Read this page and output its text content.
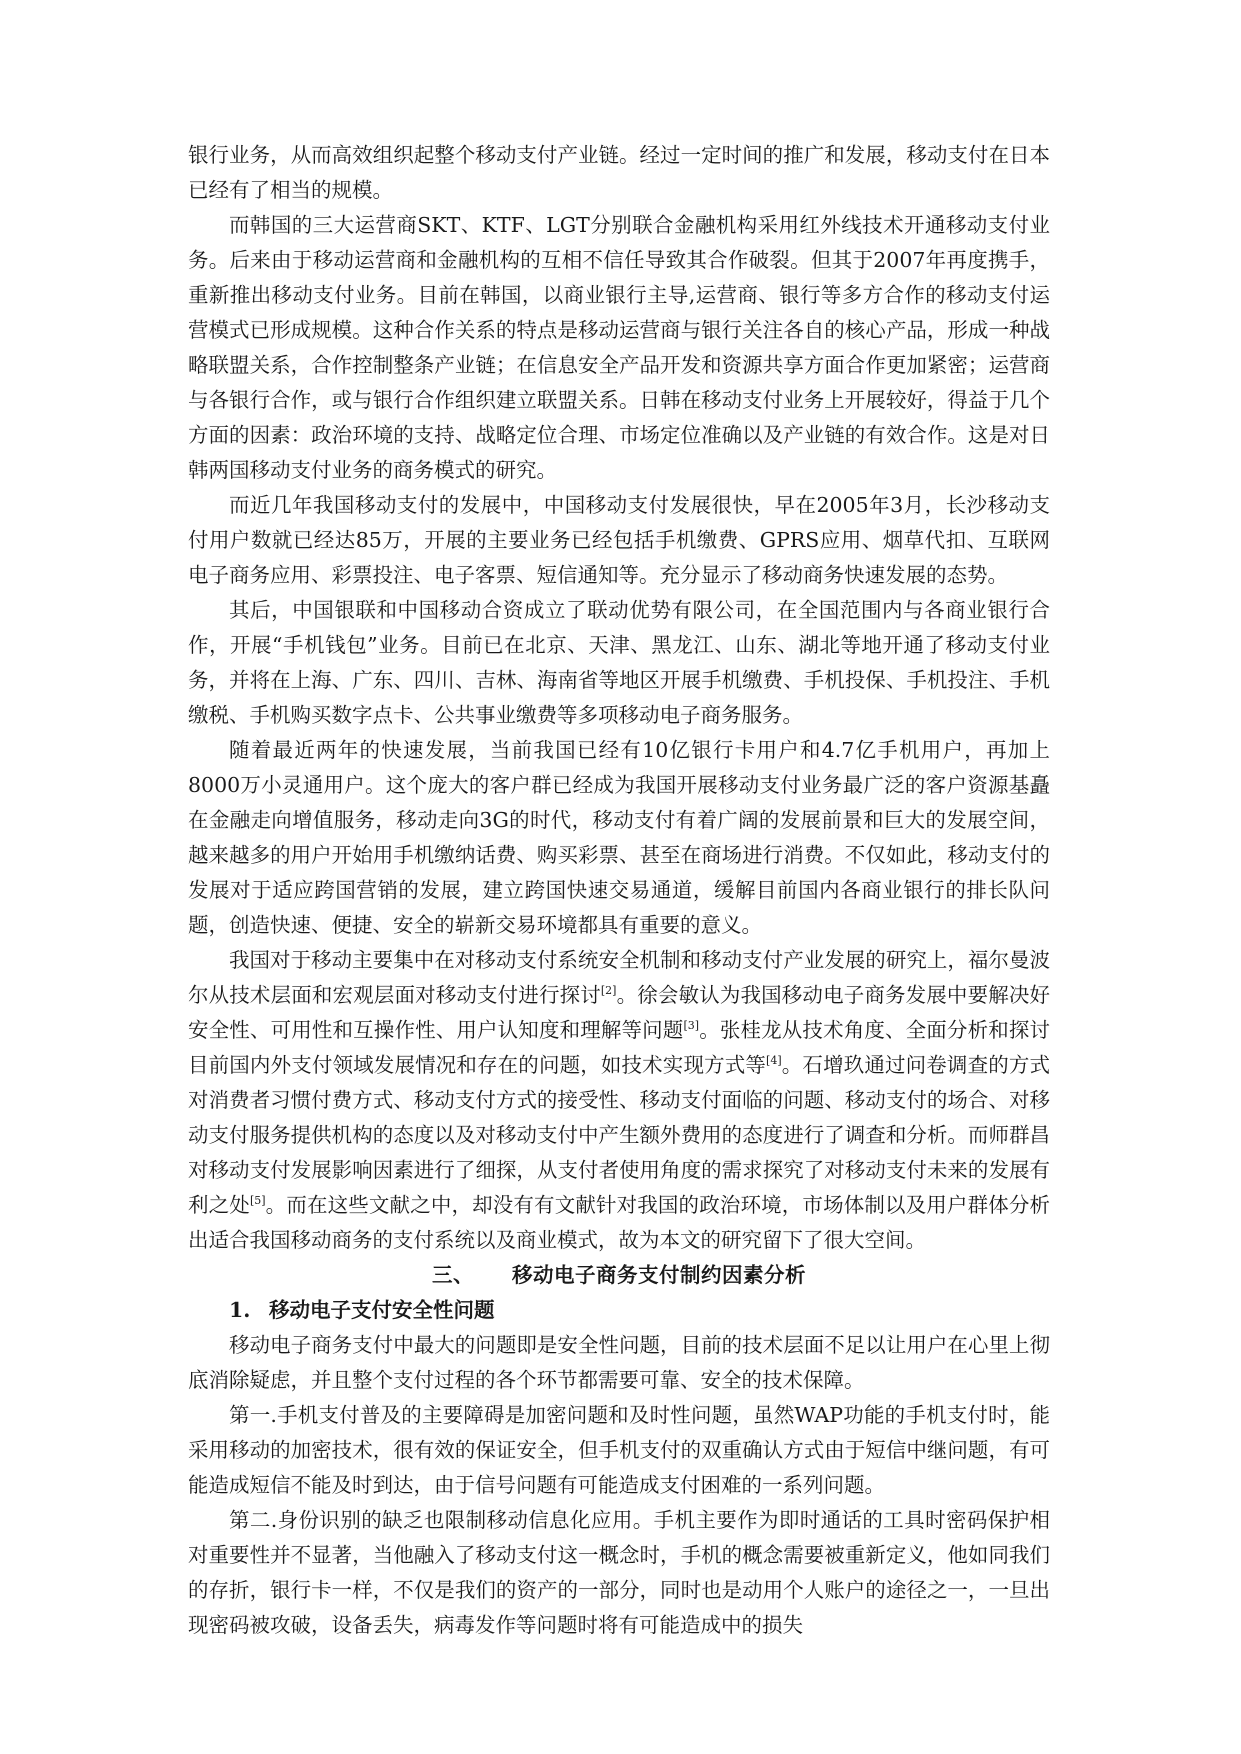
银行业务，从而高效组织起整个移动支付产业链。经过一定时间的推广和发展，移动支付在日本已经有了相当的规模。

而韩国的三大运营商SKT、KTF、LGT分别联合金融机构采用红外线技术开通移动支付业务。后来由于移动运营商和金融机构的互相不信任导致其合作破裂。但其于2007年再度携手，重新推出移动支付业务。目前在韩国，以商业银行主导,运营商、银行等多方合作的移动支付运营模式已形成规模。这种合作关系的特点是移动运营商与银行关注各自的核心产品，形成一种战略联盟关系，合作控制整条产业链；在信息安全产品开发和资源共享方面合作更加紧密；运营商与各银行合作，或与银行合作组织建立联盟关系。日韩在移动支付业务上开展较好，得益于几个方面的因素：政治环境的支持、战略定位合理、市场定位准确以及产业链的有效合作。这是对日韩两国移动支付业务的商务模式的研究。

而近几年我国移动支付的发展中，中国移动支付发展很快，早在2005年3月，长沙移动支付用户数就已经达85万，开展的主要业务已经包括手机缴费、GPRS应用、烟草代扣、互联网电子商务应用、彩票投注、电子客票、短信通知等。充分显示了移动商务快速发展的态势。

其后，中国银联和中国移动合资成立了联动优势有限公司，在全国范围内与各商业银行合作，开展“手机钱包”业务。目前已在北京、天津、黑龙江、山东、湖北等地开通了移动支付业务，并将在上海、广东、四川、吉林、海南省等地区开展手机缴费、手机投保、手机投注、手机缴税、手机购买数字点卡、公共事业缴费等多项移动电子商务服务。

随着最近两年的快速发展，当前我国已经有10亿银行卡用户和4.7亿手机用户，再加上8000万小灵通用户。这个庞大的客户群已经成为我国开展移动支付业务最广泛的客户资源基矗在金融走向增值服务，移动走向3G的时代，移动支付有着广阔的发展前景和巨大的发展空间，越来越多的用户开始用手机缴纳话费、购买彩票、甚至在商场进行消费。不仅如此，移动支付的发展对于适应跨国营销的发展，建立跨国快速交易通道，缓解目前国内各商业银行的排长队问题，创造快速、便捷、安全的崭新交易环境都具有重要的意义。

我国对于移动主要集中在对移动支付系统安全机制和移动支付产业发展的研究上，福尔曼波尔从技术层面和宏观层面对移动支付进行探讨[2]。徐会敏认为我国移动电子商务发展中要解决好安全性、可用性和互操作性、用户认知度和理解等问题[3]。张桂龙从技术角度、全面分析和探讨目前国内外支付领域发展情况和存在的问题，如技术实现方式等[4]。石增玖通过问卷调查的方式对消费者习惯付费方式、移动支付方式的接受性、移动支付面临的问题、移动支付的场合、对移动支付服务提供机构的态度以及对移动支付中产生额外费用的态度进行了调查和分析。而师群昌对移动支付发展影响因素进行了细探，从支付者使用角度的需求探究了对移动支付未来的发展有利之处[5]。而在这些文献之中，却没有有文献针对我国的政治环境，市场体制以及用户群体分析出适合我国移动商务的支付系统以及商业模式，故为本文的研究留下了很大空间。

三、 移动电子商务支付制约因素分析

1. 移动电子支付安全性问题

移动电子商务支付中最大的问题即是安全性问题，目前的技术层面不足以让用户在心里上彻底消除疑虑，并且整个支付过程的各个环节都需要可靠、安全的技术保障。

第一.手机支付普及的主要障碍是加密问题和及时性问题，虽然WAP功能的手机支付时，能采用移动的加密技术，很有效的保证安全，但手机支付的双重确认方式由于短信中继问题，有可能造成短信不能及时到达，由于信号问题有可能造成支付困难的一系列问题。

第二.身份识别的缺乏也限制移动信息化应用。手机主要作为即时通话的工具时密码保护相对重要性并不显著，当他融入了移动支付这一概念时，手机的概念需要被重新定义，他如同我们的存折，银行卡一样，不仅是我们的资产的一部分，同时也是动用个人账户的途径之一，一旦出现密码被攻破，设备丢失，病毒发作等问题时将有可能造成中的损失
